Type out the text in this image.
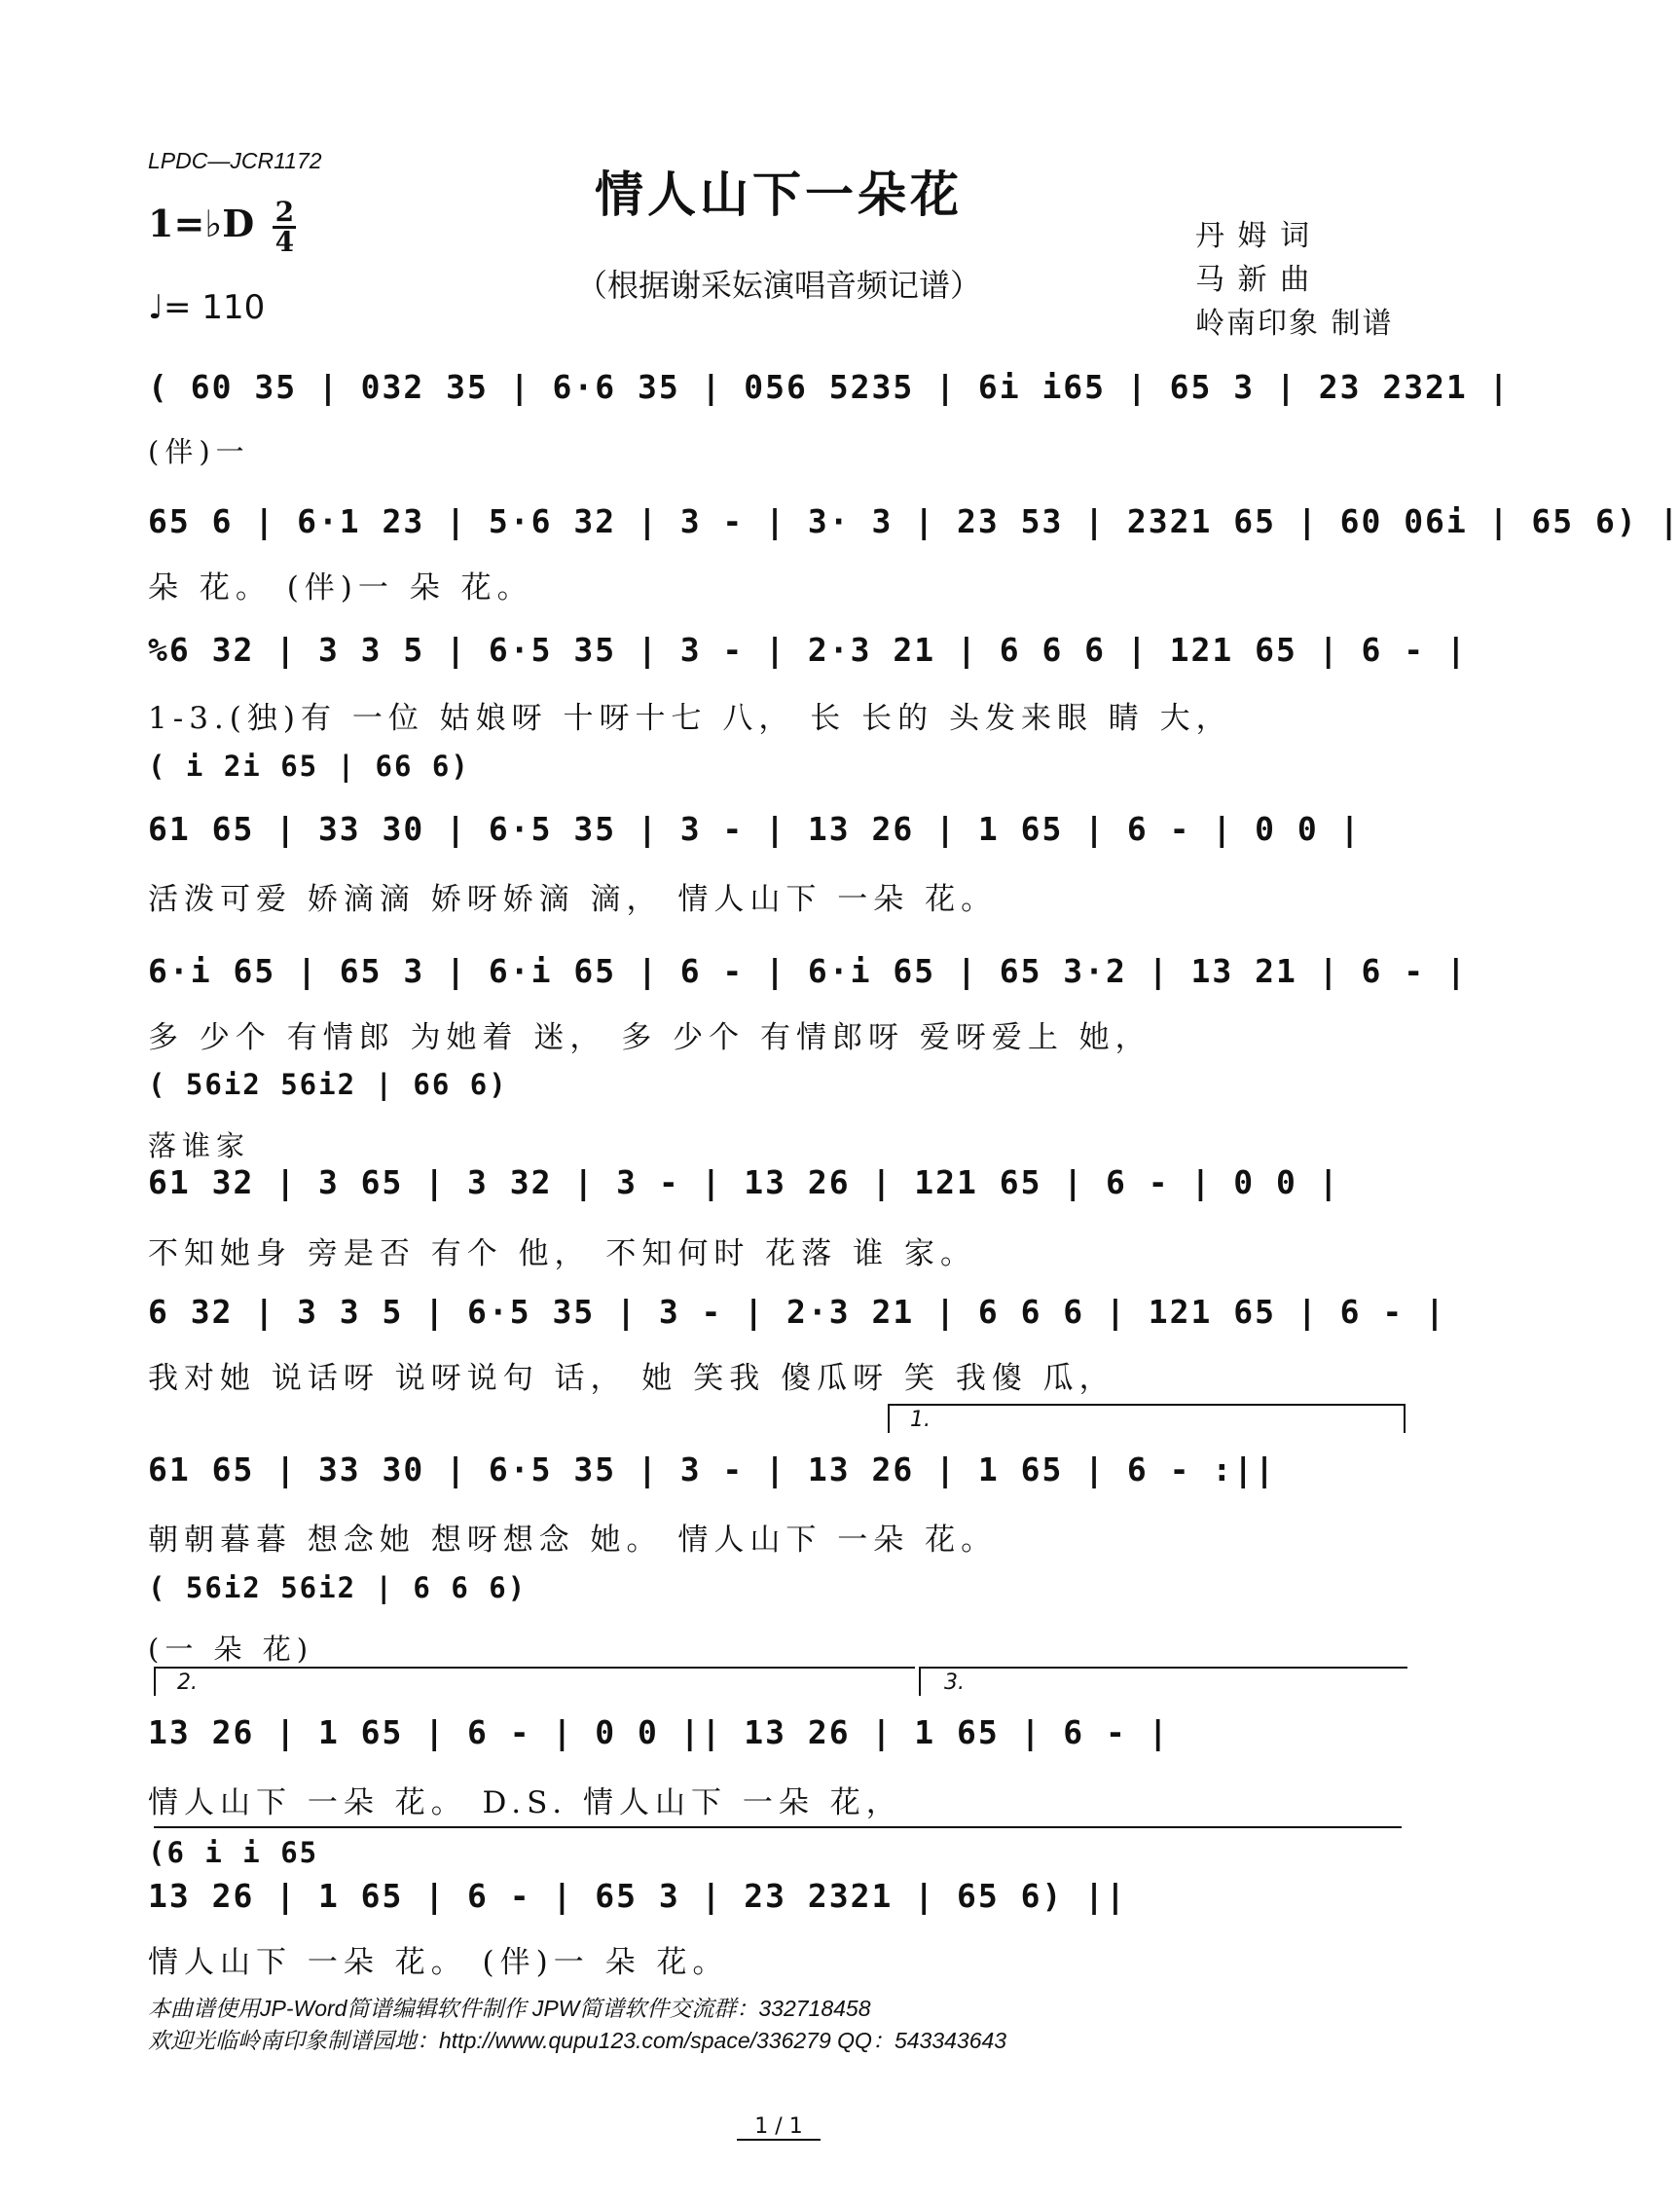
LPDC—JCR1172
情人山下一朵花
（根据谢采妘演唱音频记谱）
1=♭D $\frac{2}{4}$
♩= 110
丹 姆 词
马 新 曲
岭南印象 制谱
( 60 35 | 032 35 | 6·6 35 | 056 5235 | 6i i65 | 65 3 | 23 2321 |
(伴)一
65 6 | 6·1 23 | 5·6 32 | 3 - | 3· 3 | 23 53 | 2321 65 | 60 06i | 65 6) |
朵 花。 (伴)一 朵 花。
%6 32 | 3 3 5 | 6·5 35 | 3 - | 2·3 21 | 6 6 6 | 121 65 | 6 - |
1-3.(独)有 一位 姑娘呀 十呀十七 八， 长 长的 头发来眼 睛 大，
( i 2i 65 | 66 6)
61 65 | 33 30 | 6·5 35 | 3 - | 13 26 | 1 65 | 6 - | 0 0 |
活泼可爱 娇滴滴 娇呀娇滴 滴， 情人山下 一朵 花。
6·i 65 | 65 3 | 6·i 65 | 6 - | 6·i 65 | 65 3·2 | 13 21 | 6 - |
多 少个 有情郎 为她着 迷， 多 少个 有情郎呀 爱呀爱上 她，
( 56i2 56i2 | 66 6)
落谁家
61 32 | 3 65 | 3 32 | 3 - | 13 26 | 121 65 | 6 - | 0 0 |
不知她身 旁是否 有个 他， 不知何时 花落 谁 家。
6 32 | 3 3 5 | 6·5 35 | 3 - | 2·3 21 | 6 6 6 | 121 65 | 6 - |
我对她 说话呀 说呀说句 话， 她 笑我 傻瓜呀 笑 我傻 瓜，
1.
61 65 | 33 30 | 6·5 35 | 3 - | 13 26 | 1 65 | 6 - :||
朝朝暮暮 想念她 想呀想念 她。 情人山下 一朵 花。
( 56i2 56i2 | 6 6 6)
(一 朵 花)
2.	3.
13 26 | 1 65 | 6 - | 0 0 || 13 26 | 1 65 | 6 - |
情人山下 一朵 花。 D.S. 情人山下 一朵 花，
(6 i i 65
13 26 | 1 65 | 6 - | 65 3 | 23 2321 | 65 6) ||
情人山下 一朵 花。 (伴)一 朵 花。
本曲谱使用JP-Word简谱编辑软件制作 JPW简谱软件交流群：332718458
欢迎光临岭南印象制谱园地：http://www.qupu123.com/space/336279 QQ：543343643
1 / 1
